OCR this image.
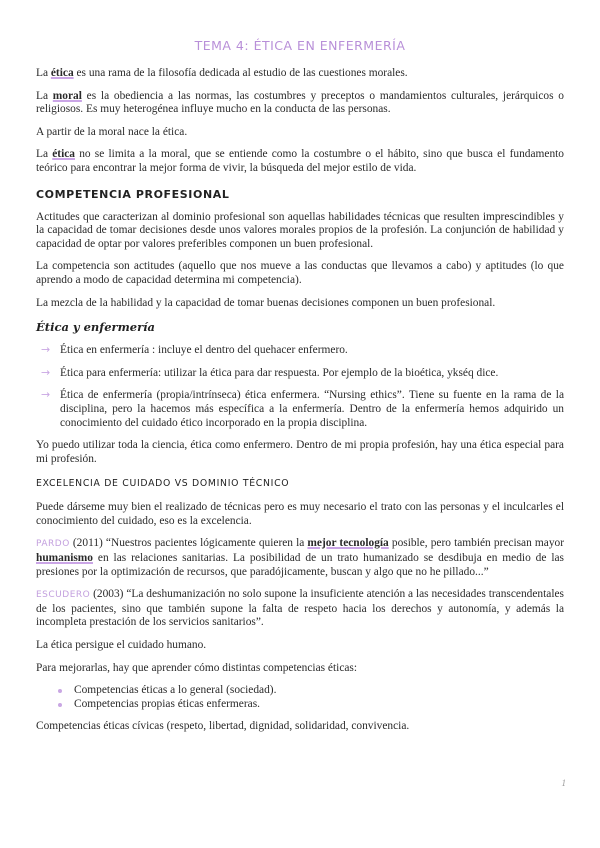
TEMA 4: ÉTICA EN ENFERMERÍA

La ética es una rama de la filosofía dedicada al estudio de las cuestiones morales.

La moral es la obediencia a las normas, las costumbres y preceptos o mandamientos culturales, jerárquicos o religiosos. Es muy heterogénea influye mucho en la conducta de las personas.

A partir de la moral nace la ética.

La ética no se limita a la moral, que se entiende como la costumbre o el hábito, sino que busca el fundamento teórico para encontrar la mejor forma de vivir, la búsqueda del mejor estilo de vida.

COMPETENCIA PROFESIONAL

Actitudes que caracterizan al dominio profesional son aquellas habilidades técnicas que resulten imprescindibles y la capacidad de tomar decisiones desde unos valores morales propios de la profesión. La conjunción de habilidad y capacidad de optar por valores preferibles componen un buen profesional.

La competencia son actitudes (aquello que nos mueve a las conductas que llevamos a cabo) y aptitudes (lo que aprendo a modo de capacidad determina mi competencia).

La mezcla de la habilidad y la capacidad de tomar buenas decisiones componen un buen profesional.

Ética y enfermería
→ Ética en enfermería : incluye el dentro del quehacer enfermero.
→ Ética para enfermería: utilizar la ética para dar respuesta. Por ejemplo de la bioética, ykséq dice.
→ Ética de enfermería (propia/intrínseca) ética enfermera. “Nursing ethics”. Tiene su fuente en la rama de la disciplina, pero la hacemos más específica a la enfermería. Dentro de la enfermería hemos adquirido un conocimiento del cuidado ético incorporado en la propia disciplina.

Yo puedo utilizar toda la ciencia, ética como enfermero. Dentro de mi propia profesión, hay una ética especial para mi profesión.

EXCELENCIA DE CUIDADO VS DOMINIO TÉCNICO

Puede dárseme muy bien el realizado de técnicas pero es muy necesario el trato con las personas y el inculcarles el conocimiento del cuidado, eso es la excelencia.

PARDO (2011) “Nuestros pacientes lógicamente quieren la mejor tecnología posible, pero también precisan mayor humanismo en las relaciones sanitarias. La posibilidad de un trato humanizado se desdibuja en medio de las presiones por la optimización de recursos, que paradójicamente, buscan y algo que no he pillado...”

ESCUDERO (2003) “La deshumanización no solo supone la insuficiente atención a las necesidades transcendentales de los pacientes, sino que también supone la falta de respeto hacia los derechos y autonomía, y además la incompleta prestación de los servicios sanitarios”.

La ética persigue el cuidado humano.

Para mejorarlas, hay que aprender cómo distintas competencias éticas:

Competencias éticas a lo general (sociedad).
Competencias propias éticas enfermeras.

Competencias éticas cívicas (respeto, libertad, dignidad, solidaridad, convivencia.

1
